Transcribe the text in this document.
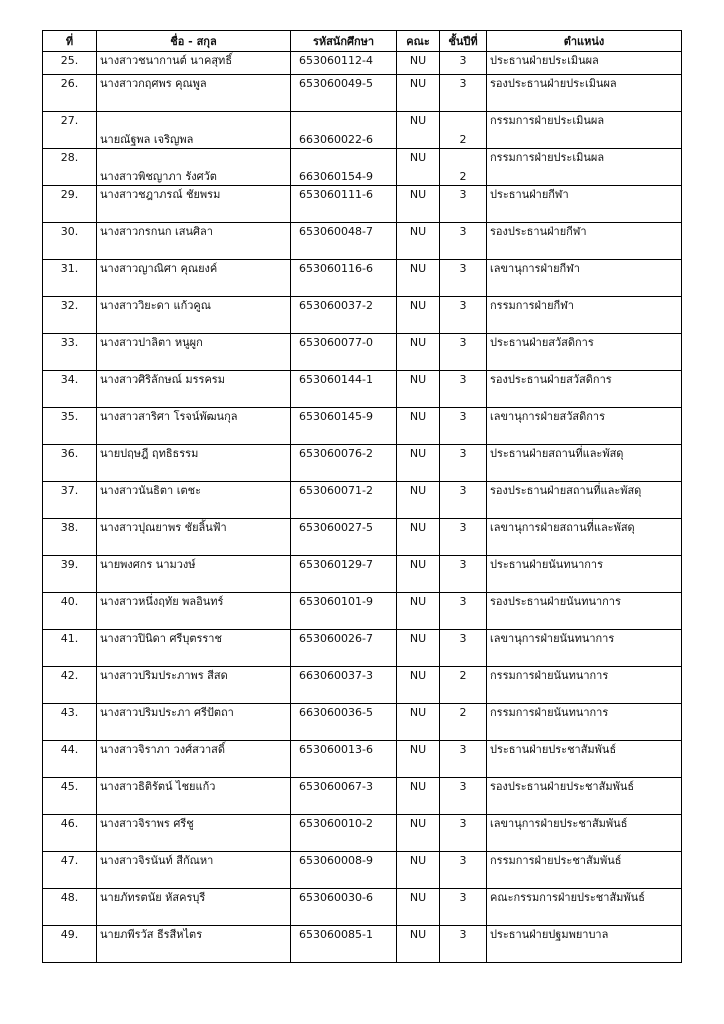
ที่	ชื่อ - สกุล	รหัสนักศึกษา	คณะ	ชั้นปีที่	ตำแหน่ง
25.	นางสาวชนากานต์ นาคสุทธิ์	653060112-4	NU	3	ประธานฝ่ายประเมินผล
26.	นางสาวกฤศพร คุณพูล	653060049-5	NU	3	รองประธานฝ่ายประเมินผล
27.	นายณัฐพล เจริญพล	663060022-6	NU	2	กรรมการฝ่ายประเมินผล
28.	นางสาวพิชญาภา รังศวัต	663060154-9	NU	2	กรรมการฝ่ายประเมินผล
29.	นางสาวชฎาภรณ์ ชัยพรม	653060111-6	NU	3	ประธานฝ่ายกีฬา
30.	นางสาวกรกนก เสนศิลา	653060048-7	NU	3	รองประธานฝ่ายกีฬา
31.	นางสาวญาณิศา คุณยงค์	653060116-6	NU	3	เลขานุการฝ่ายกีฬา
32.	นางสาววิยะดา แก้วคูณ	653060037-2	NU	3	กรรมการฝ่ายกีฬา
33.	นางสาวปาลิตา หนูผูก	653060077-0	NU	3	ประธานฝ่ายสวัสดิการ
34.	นางสาวศิริลักษณ์ มรรครม	653060144-1	NU	3	รองประธานฝ่ายสวัสดิการ
35.	นางสาวสาริศา โรจน์พัฒนกุล	653060145-9	NU	3	เลขานุการฝ่ายสวัสดิการ
36.	นายปฤษฎี ฤทธิธรรม	653060076-2	NU	3	ประธานฝ่ายสถานที่และพัสดุ
37.	นางสาวนันธิตา เตชะ	653060071-2	NU	3	รองประธานฝ่ายสถานที่และพัสดุ
38.	นางสาวปุณยาพร ชัยลิ้นฟ้า	653060027-5	NU	3	เลขานุการฝ่ายสถานที่และพัสดุ
39.	นายพงศกร นามวงษ์	653060129-7	NU	3	ประธานฝ่ายนันทนาการ
40.	นางสาวหนึ่งฤทัย พลอินทร์	653060101-9	NU	3	รองประธานฝ่ายนันทนาการ
41.	นางสาวปินิดา ศรีบุตรราช	653060026-7	NU	3	เลขานุการฝ่ายนันทนาการ
42.	นางสาวปริมประภาพร สีสด	663060037-3	NU	2	กรรมการฝ่ายนันทนาการ
43.	นางสาวปริมประภา ศรีปัตถา	663060036-5	NU	2	กรรมการฝ่ายนันทนาการ
44.	นางสาวจิราภา วงศ์สวาสดิ์	653060013-6	NU	3	ประธานฝ่ายประชาสัมพันธ์
45.	นางสาวธิติรัตน์ ไชยแก้ว	653060067-3	NU	3	รองประธานฝ่ายประชาสัมพันธ์
46.	นางสาวจิราพร ศรีชู	653060010-2	NU	3	เลขานุการฝ่ายประชาสัมพันธ์
47.	นางสาวจิรนันท์ สีกัณหา	653060008-9	NU	3	กรรมการฝ่ายประชาสัมพันธ์
48.	นายภัทรตนัย หัสครบุรี	653060030-6	NU	3	คณะกรรมการฝ่ายประชาสัมพันธ์
49.	นายภพีรวัส ธีรสีหไตร	653060085-1	NU	3	ประธานฝ่ายปฐมพยาบาล
